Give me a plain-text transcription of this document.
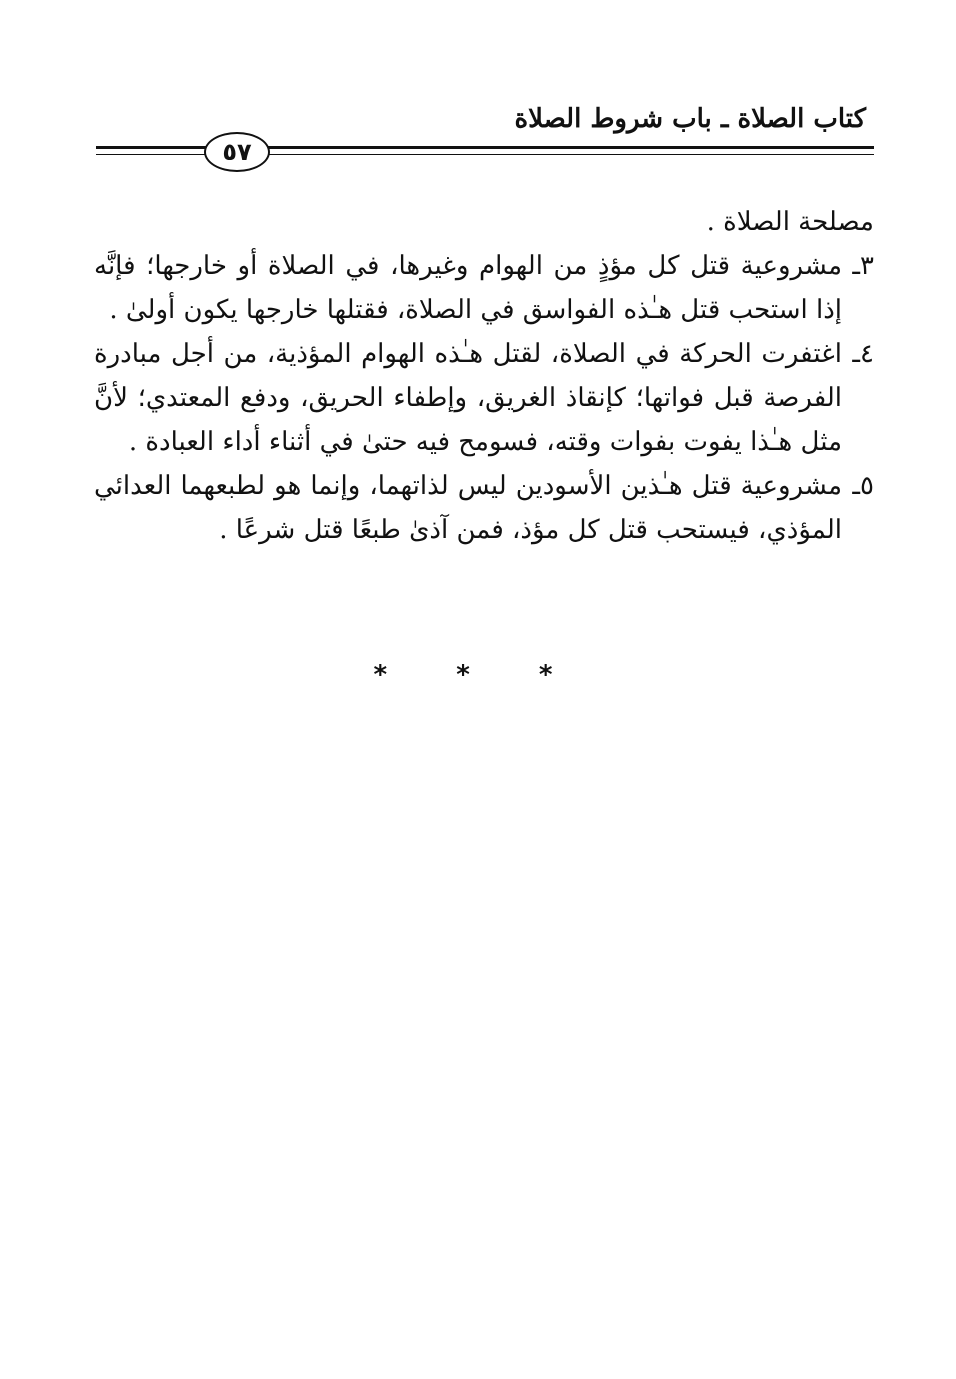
كتاب الصلاة ـ باب شروط الصلاة
٥٧

مصلحة الصلاة .

٣ـ
مشروعية قتل كل مؤذٍ من الهوام وغيرها، في الصلاة أو خارجها؛ فإنَّه إذا استحب قتل هـٰذه الفواسق في الصلاة، فقتلها خارجها يكون أولىٰ .
٤ـ
اغتفرت الحركة في الصلاة، لقتل هـٰذه الهوام المؤذية، من أجل مبادرة الفرصة قبل فواتها؛ كإنقاذ الغريق، وإطفاء الحريق، ودفع المعتدي؛ لأنَّ مثل هـٰذا يفوت بفوات وقته، فسومح فيه حتىٰ في أثناء أداء العبادة .
٥ـ
مشروعية قتل هـٰذين الأسودين ليس لذاتهما، وإنما هو لطبعهما العدائي المؤذي، فيستحب قتل كل مؤذ، فمن آذىٰ طبعًا قتل شرعًا .
* * *
